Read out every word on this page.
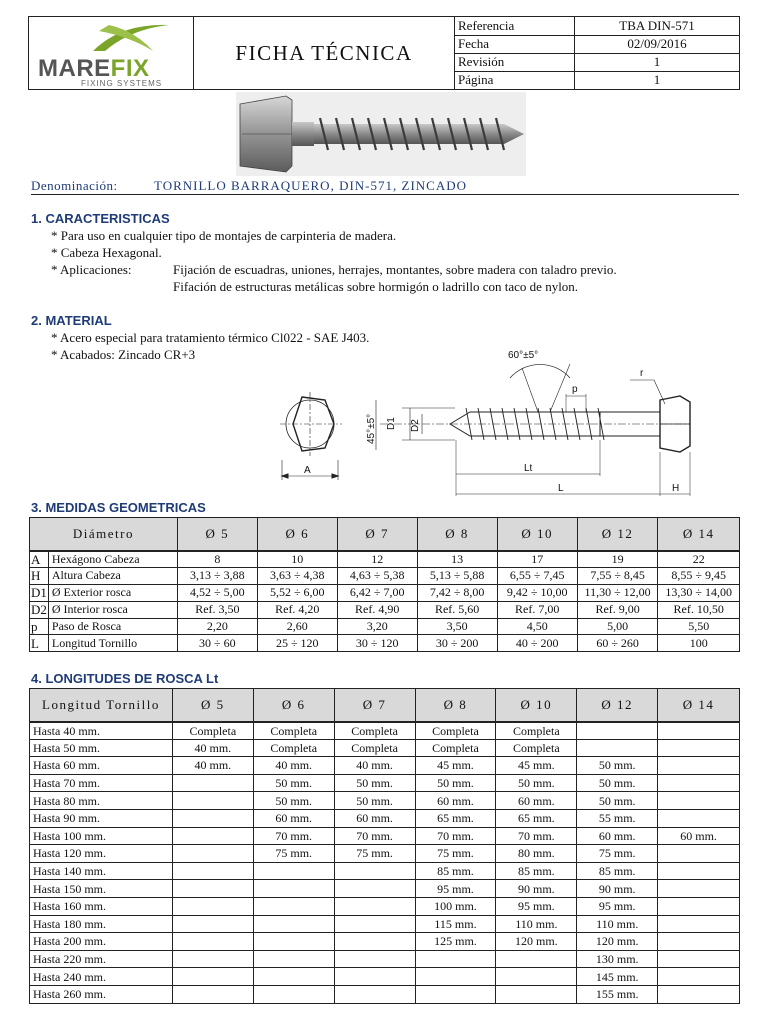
MAREFIX
FIXING SYSTEMS
FICHA TÉCNICA
Referencia	TBA DIN-571
Fecha	02/09/2016
Revisión	1
Página	1
Denominación:	TORNILLO BARRAQUERO, DIN-571, ZINCADO
1. CARACTERISTICAS
* Para uso en cualquier tipo de montajes de carpinteria de madera.
* Cabeza Hexagonal.
* Aplicaciones:	Fijación de escuadras, uniones, herrajes, montantes, sobre madera con taladro previo.
Fifación de estructuras metálicas sobre hormigón o ladrillo con taco de nylon.
2. MATERIAL
* Acero especial para tratamiento térmico Cl022 - SAE J403.
* Acabados: Zincado CR+3	60°±5°
r
p
D1 D2
45°±5°
A	Lt
L	H
3. MEDIDAS GEOMETRICAS
Diámetro		Ø 5	Ø 6	Ø 7	Ø 8	Ø 10	Ø 12	Ø 14
A	Hexágono Cabeza	8	10	12	13	17	19	22
H	Altura Cabeza	3,13 ÷ 3,88	3,63 ÷ 4,38	4,63 ÷ 5,38	5,13 ÷ 5,88	6,55 ÷ 7,45	7,55 ÷ 8,45	8,55 ÷ 9,45
D1	Ø Exterior rosca	4,52 ÷ 5,00	5,52 ÷ 6,00	6,42 ÷ 7,00	7,42 ÷ 8,00	9,42 ÷ 10,00	11,30 ÷ 12,00	13,30 ÷ 14,00
D2	Ø Interior rosca	Ref. 3,50	Ref. 4,20	Ref. 4,90	Ref. 5,60	Ref. 7,00	Ref. 9,00	Ref. 10,50
p	Paso de Rosca	2,20	2,60	3,20	3,50	4,50	5,00	5,50
L	Longitud Tornillo	30 ÷ 60	25 ÷ 120	30 ÷ 120	30 ÷ 200	40 ÷ 200	60 ÷ 260	100
4. LONGITUDES DE ROSCA Lt
Longitud Tornillo	Ø 5	Ø 6	Ø 7	Ø 8	Ø 10	Ø 12	Ø 14
Hasta 40 mm.	Completa	Completa	Completa	Completa	Completa		
Hasta 50 mm.	40 mm.	Completa	Completa	Completa	Completa		
Hasta 60 mm.	40 mm.	40 mm.	40 mm.	45 mm.	45 mm.	50 mm.	
Hasta 70 mm.		50 mm.	50 mm.	50 mm.	50 mm.	50 mm.	
Hasta 80 mm.		50 mm.	50 mm.	60 mm.	60 mm.	50 mm.	
Hasta 90 mm.		60 mm.	60 mm.	65 mm.	65 mm.	55 mm.	
Hasta 100 mm.		70 mm.	70 mm.	70 mm.	70 mm.	60 mm.	60 mm.
Hasta 120 mm.		75 mm.	75 mm.	75 mm.	80 mm.	75 mm.	
Hasta 140 mm.				85 mm.	85 mm.	85 mm.	
Hasta 150 mm.				95 mm.	90 mm.	90 mm.	
Hasta 160 mm.				100 mm.	95 mm.	95 mm.	
Hasta 180 mm.				115 mm.	110 mm.	110 mm.	
Hasta 200 mm.				125 mm.	120 mm.	120 mm.	
Hasta 220 mm.						130 mm.	
Hasta 240 mm.						145 mm.	
Hasta 260 mm.						155 mm.	
